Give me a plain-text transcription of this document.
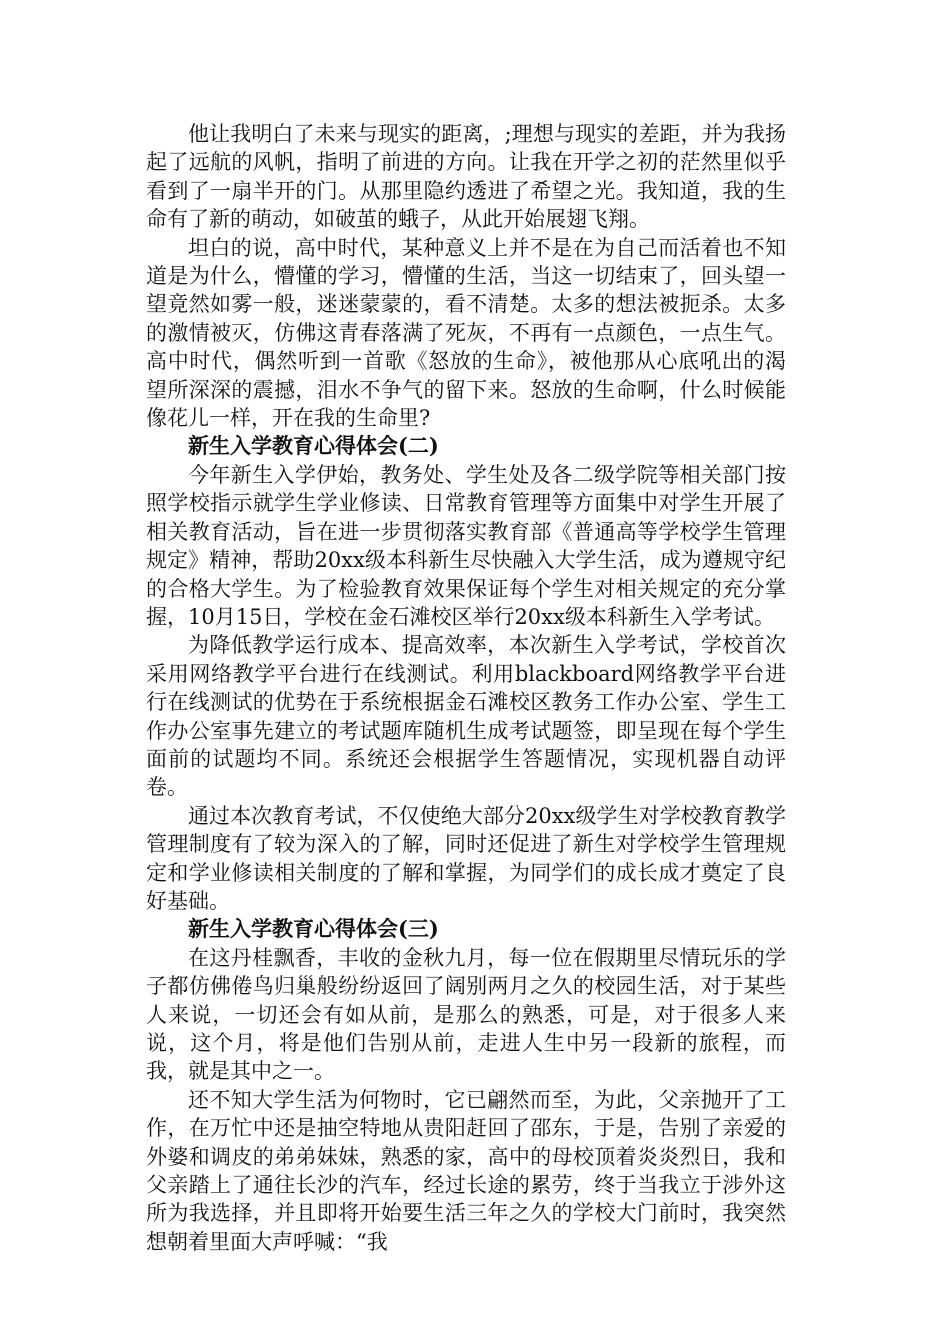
他让我明白了未来与现实的距离，;理想与现实的差距，并为我扬起了远航的风帆，指明了前进的方向。让我在开学之初的茫然里似乎看到了一扇半开的门。从那里隐约透进了希望之光。我知道，我的生命有了新的萌动，如破茧的蛾子，从此开始展翅飞翔。

坦白的说，高中时代，某种意义上并不是在为自己而活着也不知道是为什么，懵懂的学习，懵懂的生活，当这一切结束了，回头望一望竟然如雾一般，迷迷蒙蒙的，看不清楚。太多的想法被扼杀。太多的激情被灭，仿佛这青春落满了死灰，不再有一点颜色，一点生气。高中时代，偶然听到一首歌《怒放的生命》，被他那从心底吼出的渴望所深深的震撼，泪水不争气的留下来。怒放的生命啊，什么时候能像花儿一样，开在我的生命里?

新生入学教育心得体会(二)

今年新生入学伊始，教务处、学生处及各二级学院等相关部门按照学校指示就学生学业修读、日常教育管理等方面集中对学生开展了相关教育活动，旨在进一步贯彻落实教育部《普通高等学校学生管理规定》精神，帮助20xx级本科新生尽快融入大学生活，成为遵规守纪的合格大学生。为了检验教育效果保证每个学生对相关规定的充分掌握，10月15日，学校在金石滩校区举行20xx级本科新生入学考试。

为降低教学运行成本、提高效率，本次新生入学考试，学校首次采用网络教学平台进行在线测试。利用blackboard网络教学平台进行在线测试的优势在于系统根据金石滩校区教务工作办公室、学生工作办公室事先建立的考试题库随机生成考试题签，即呈现在每个学生面前的试题均不同。系统还会根据学生答题情况，实现机器自动评卷。

通过本次教育考试，不仅使绝大部分20xx级学生对学校教育教学管理制度有了较为深入的了解，同时还促进了新生对学校学生管理规定和学业修读相关制度的了解和掌握，为同学们的成长成才奠定了良好基础。

新生入学教育心得体会(三)

在这丹桂飘香，丰收的金秋九月，每一位在假期里尽情玩乐的学子都仿佛倦鸟归巢般纷纷返回了阔别两月之久的校园生活，对于某些人来说，一切还会有如从前，是那么的熟悉，可是，对于很多人来说，这个月，将是他们告别从前，走进人生中另一段新的旅程，而我，就是其中之一。

还不知大学生活为何物时，它已翩然而至，为此，父亲抛开了工作，在万忙中还是抽空特地从贵阳赶回了邵东，于是，告别了亲爱的外婆和调皮的弟弟妹妹，熟悉的家，高中的母校顶着炎炎烈日，我和父亲踏上了通往长沙的汽车，经过长途的累劳，终于当我立于涉外这所为我选择，并且即将开始要生活三年之久的学校大门前时，我突然想朝着里面大声呼喊：“我
